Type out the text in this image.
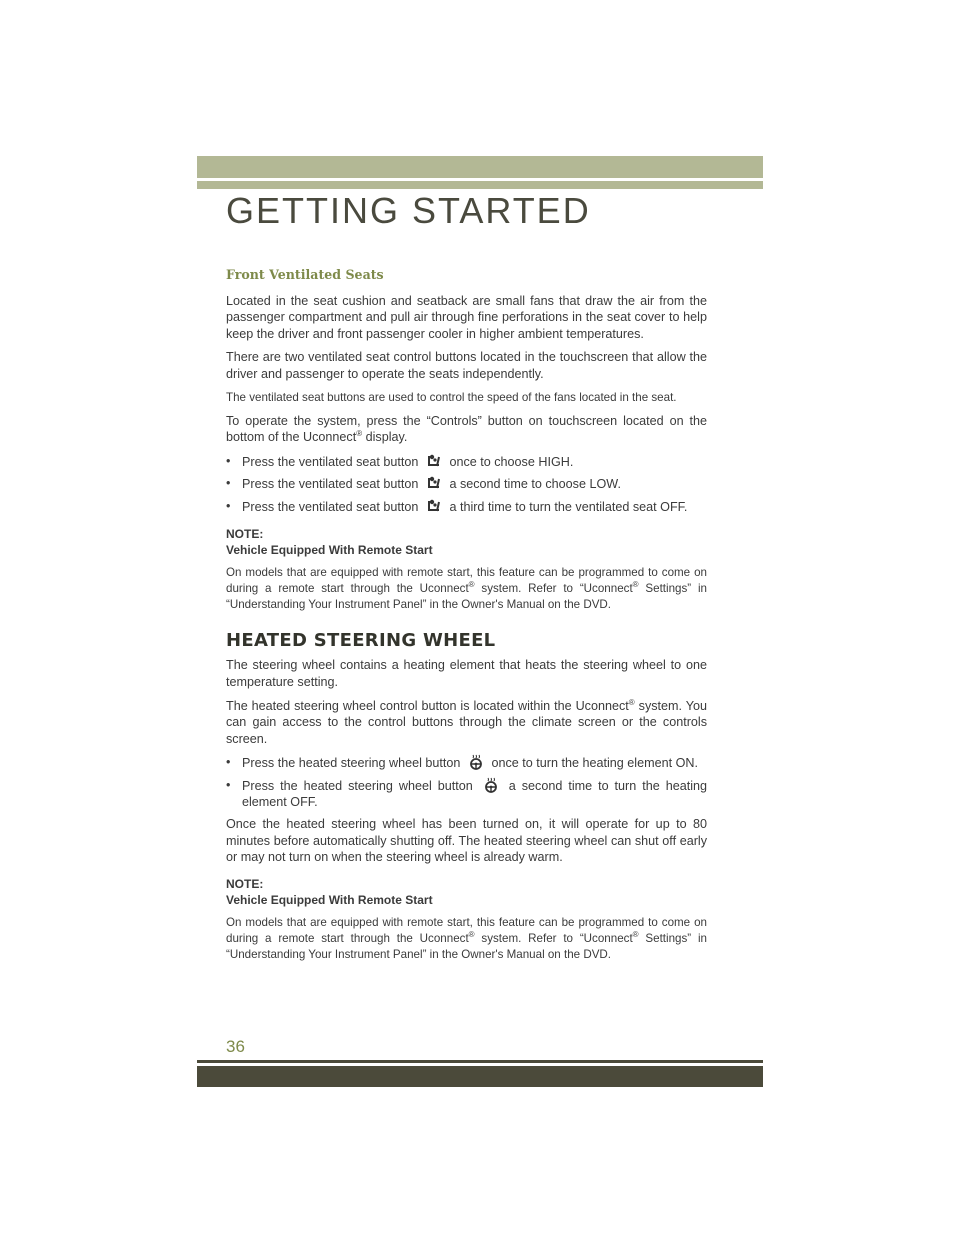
GETTING STARTED
Front Ventilated Seats

Located in the seat cushion and seatback are small fans that draw the air from the passenger compartment and pull air through fine perforations in the seat cover to help keep the driver and front passenger cooler in higher ambient temperatures.

There are two ventilated seat control buttons located in the touchscreen that allow the driver and passenger to operate the seats independently.

The ventilated seat buttons are used to control the speed of the fans located in the seat.

To operate the system, press the “Controls” button on touchscreen located on the bottom of the Uconnect® display.

• Press the ventilated seat button once to choose HIGH.
• Press the ventilated seat button a second time to choose LOW.
• Press the ventilated seat button a third time to turn the ventilated seat OFF.
NOTE:
Vehicle Equipped With Remote Start

On models that are equipped with remote start, this feature can be programmed to come on during a remote start through the Uconnect® system. Refer to “Uconnect® Settings” in “Understanding Your Instrument Panel” in the Owner's Manual on the DVD.

HEATED STEERING WHEEL

The steering wheel contains a heating element that heats the steering wheel to one temperature setting.

The heated steering wheel control button is located within the Uconnect® system. You can gain access to the control buttons through the climate screen or the controls screen.

• Press the heated steering wheel button once to turn the heating element ON.
• Press the heated steering wheel button	a second time to turn the heating element OFF.

Once the heated steering wheel has been turned on, it will operate for up to 80 minutes before automatically shutting off. The heated steering wheel can shut off early or may not turn on when the steering wheel is already warm.

NOTE:
Vehicle Equipped With Remote Start

On models that are equipped with remote start, this feature can be programmed to come on during a remote start through the Uconnect® system. Refer to “Uconnect® Settings” in “Understanding Your Instrument Panel” in the Owner's Manual on the DVD.

36
